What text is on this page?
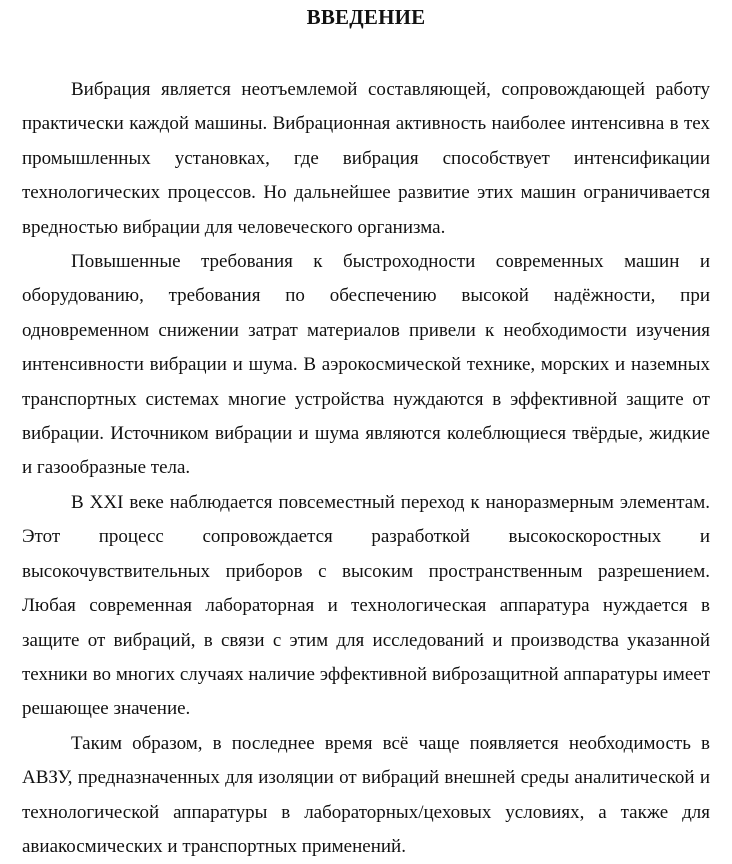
ВВЕДЕНИЕ

Вибрация является неотъемлемой составляющей, сопровождающей работу практически каждой машины. Вибрационная активность наиболее интенсивна в тех промышленных установках, где вибрация способствует интенсификации технологических процессов. Но дальнейшее развитие этих машин ограничивается вредностью вибрации для человеческого организма.

Повышенные требования к быстроходности современных машин и оборудованию, требования по обеспечению высокой надёжности, при одновременном снижении затрат материалов привели к необходимости изучения интенсивности вибрации и шума. В аэрокосмической технике, морских и наземных транспортных системах многие устройства нуждаются в эффективной защите от вибрации. Источником вибрации и шума являются колеблющиеся твёрдые, жидкие и газообразные тела.

В XXI веке наблюдается повсеместный переход к наноразмерным элементам. Этот процесс сопровождается разработкой высокоскоростных и высокочувствительных приборов с высоким пространственным разрешением. Любая современная лабораторная и технологическая аппаратура нуждается в защите от вибраций, в связи с этим для исследований и производства указанной техники во многих случаях наличие эффективной виброзащитной аппаратуры имеет решающее значение.

Таким образом, в последнее время всё чаще появляется необходимость в АВЗУ, предназначенных для изоляции от вибраций внешней среды аналитической и технологической аппаратуры в лабораторных/цеховых условиях, а также для авиакосмических и транспортных применений.
